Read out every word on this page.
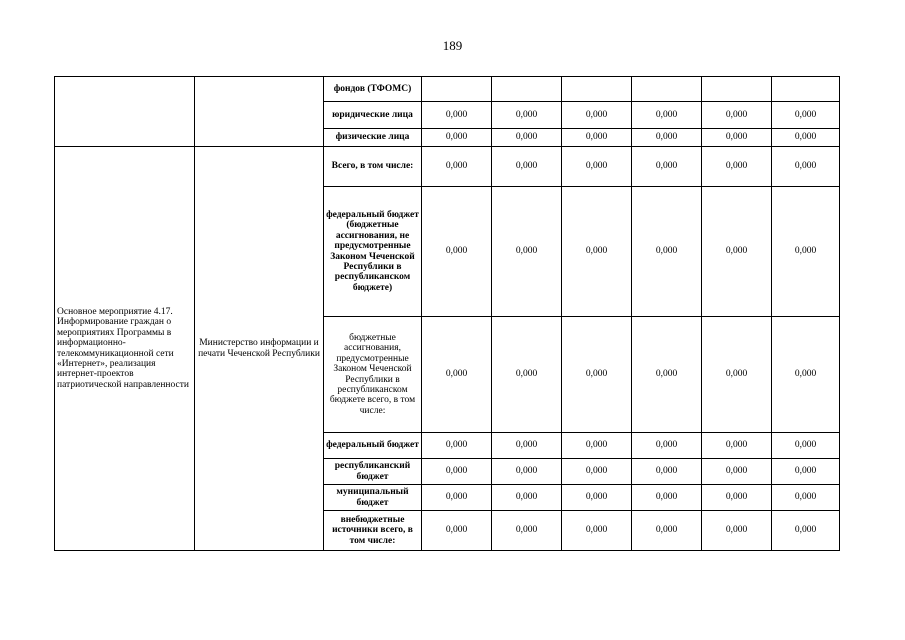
189
		фондов (ТФОМС)						
		юридические лица	0,000	0,000	0,000	0,000	0,000	0,000
		физические лица	0,000	0,000	0,000	0,000	0,000	0,000
Основное мероприятие 4.17. Информирование граждан о мероприятиях Программы в информационно-телекоммуникационной сети «Интернет», реализация интернет-проектов патриотической направленности	Министерство информации и печати Чеченской Республики	Всего, в том числе:	0,000	0,000	0,000	0,000	0,000	0,000
		федеральный бюджет (бюджетные ассигнования, не предусмотренные Законом Чеченской Республики в республиканском бюджете)	0,000	0,000	0,000	0,000	0,000	0,000
		бюджетные ассигнования, предусмотренные Законом Чеченской Республики в республиканском бюджете всего, в том числе:	0,000	0,000	0,000	0,000	0,000	0,000
		федеральный бюджет	0,000	0,000	0,000	0,000	0,000	0,000
		республиканский бюджет	0,000	0,000	0,000	0,000	0,000	0,000
		муниципальный бюджет	0,000	0,000	0,000	0,000	0,000	0,000
		внебюджетные источники всего, в том числе:	0,000	0,000	0,000	0,000	0,000	0,000
